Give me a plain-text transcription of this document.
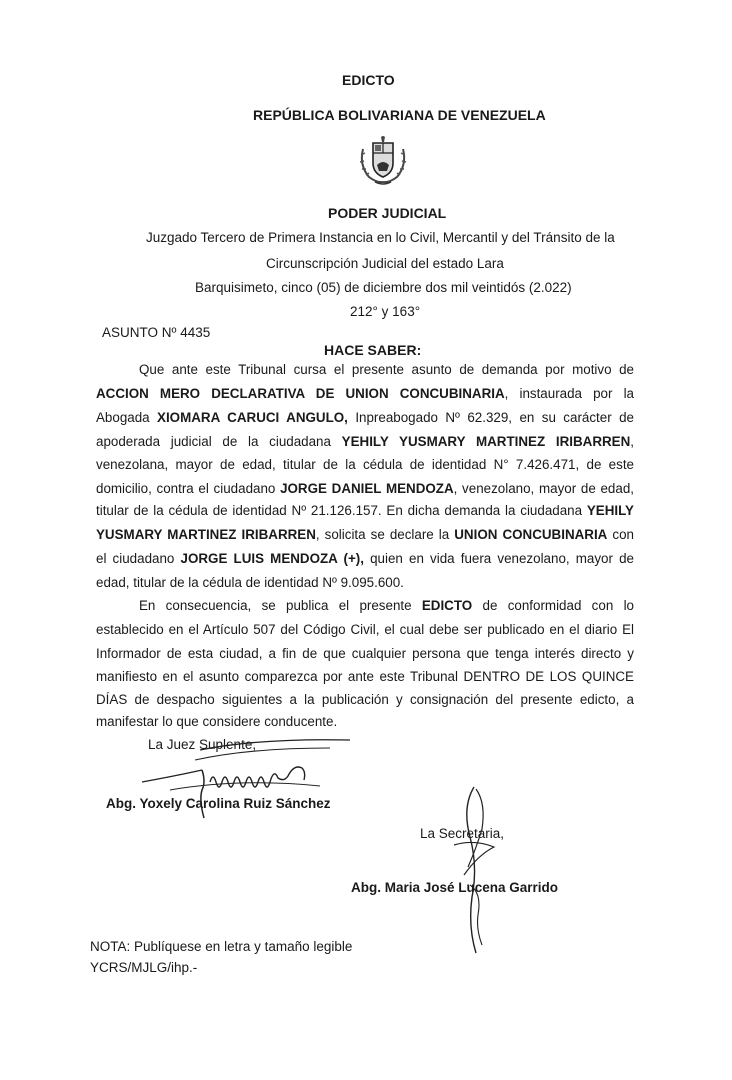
EDICTO
REPÚBLICA BOLIVARIANA DE VENEZUELA
PODER JUDICIAL
Juzgado Tercero de Primera Instancia en lo Civil, Mercantil y del Tránsito de la
Circunscripción Judicial del estado Lara
Barquisimeto, cinco (05) de diciembre dos mil veintidós (2.022)
212° y 163°
ASUNTO Nº 4435
HACE SABER:
Que ante este Tribunal cursa el presente asunto de demanda por motivo de
ACCION MERO DECLARATIVA DE UNION CONCUBINARIA, instaurada por la
Abogada XIOMARA CARUCI ANGULO, Inpreabogado Nº 62.329, en su carácter de
apoderada judicial de la ciudadana YEHILY YUSMARY MARTINEZ IRIBARREN,
venezolana, mayor de edad, titular de la cédula de identidad N° 7.426.471, de este
domicilio, contra el ciudadano JORGE DANIEL MENDOZA, venezolano, mayor de edad,
titular de la cédula de identidad Nº 21.126.157. En dicha demanda la ciudadana YEHILY
YUSMARY MARTINEZ IRIBARREN, solicita se declare la UNION CONCUBINARIA con
el ciudadano JORGE LUIS MENDOZA (+), quien en vida fuera venezolano, mayor de
edad, titular de la cédula de identidad Nº 9.095.600.
En consecuencia, se publica el presente EDICTO de conformidad con lo
establecido en el Artículo 507 del Código Civil, el cual debe ser publicado en el diario El
Informador de esta ciudad, a fin de que cualquier persona que tenga interés directo y
manifiesto en el asunto comparezca por ante este Tribunal DENTRO DE LOS QUINCE
DÍAS de despacho siguientes a la publicación y consignación del presente edicto, a
manifestar lo que considere conducente.
La Juez Suplente,
Abg. Yoxely Carolina Ruiz Sánchez
La Secretaria,
Abg. Maria José Lucena Garrido
NOTA: Publíquese en letra y tamaño legible
YCRS/MJLG/ihp.-
